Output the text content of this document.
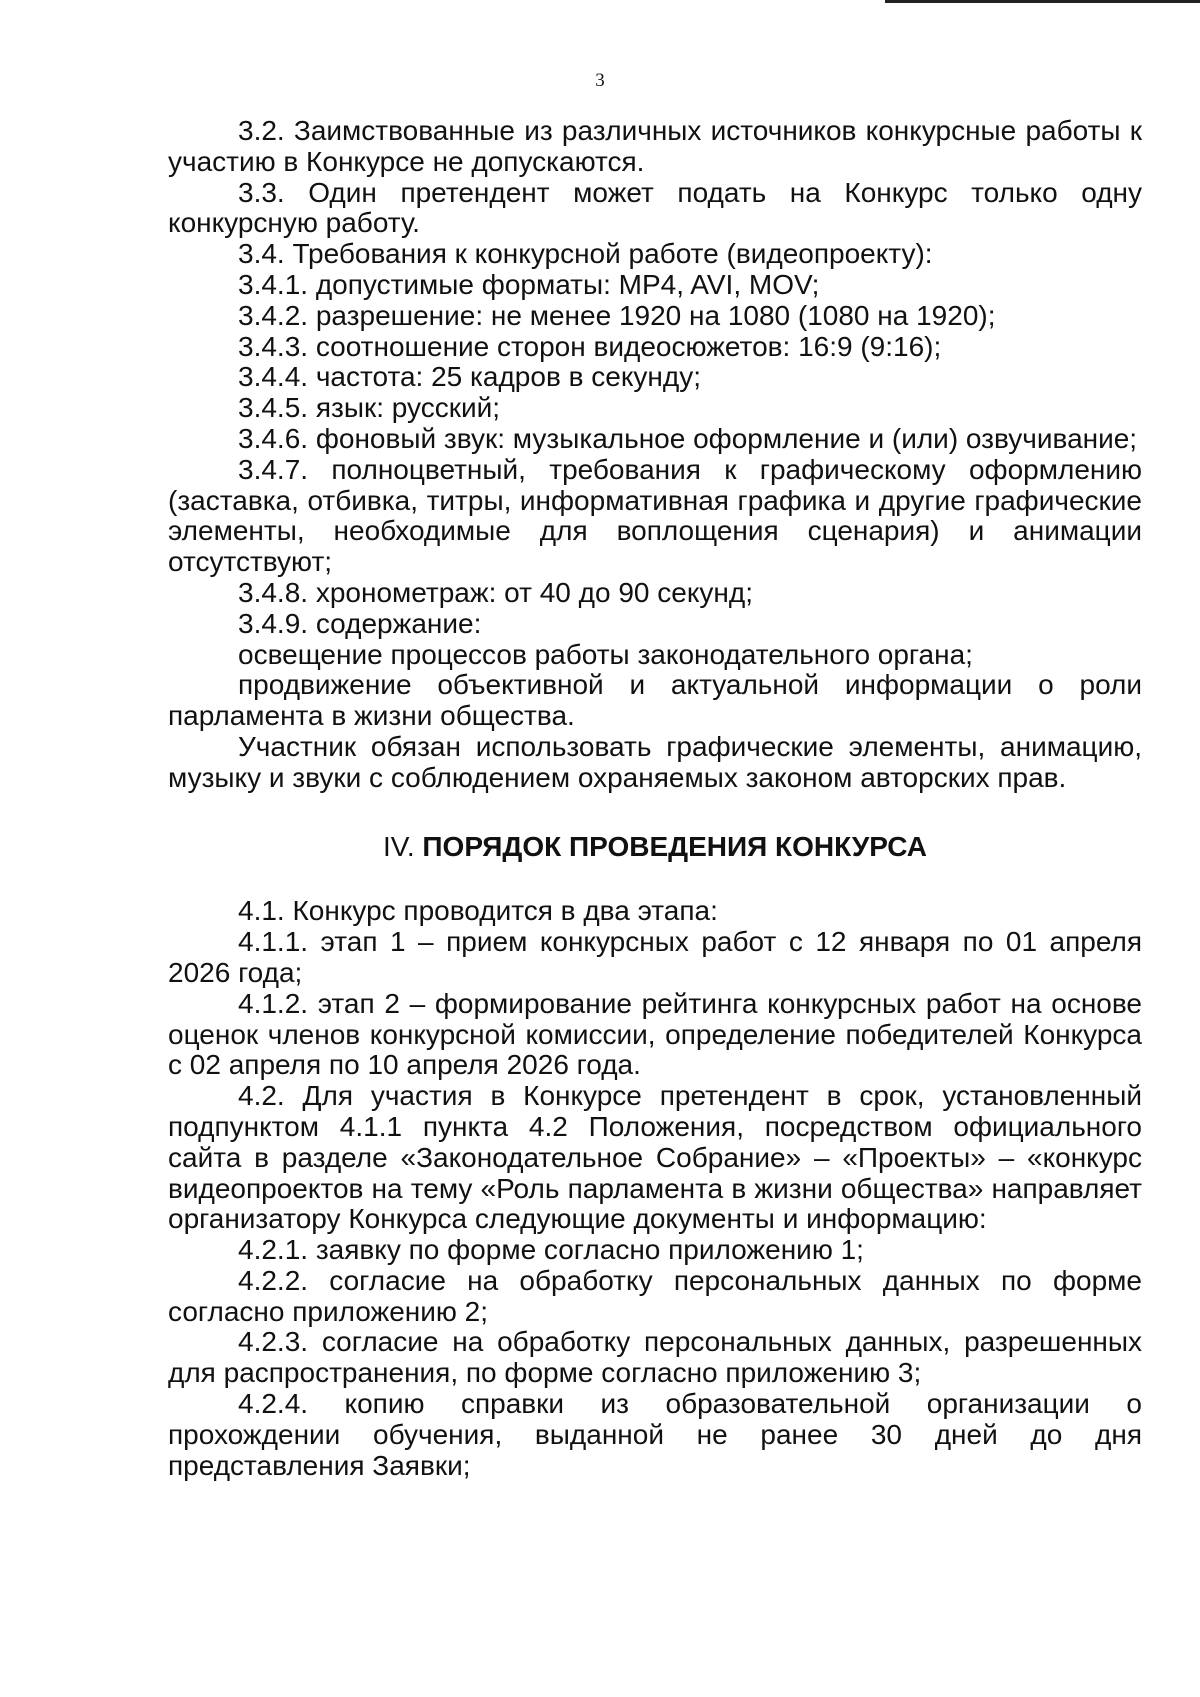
3

3.2. Заимствованные из различных источников конкурсные работы к участию в Конкурсе не допускаются.

3.3. Один претендент может подать на Конкурс только одну конкурсную работу.

3.4. Требования к конкурсной работе (видеопроекту):

3.4.1. допустимые форматы: MP4, AVI, MOV;

3.4.2. разрешение: не менее 1920 на 1080 (1080 на 1920);

3.4.3. соотношение сторон видеосюжетов: 16:9 (9:16);

3.4.4. частота: 25 кадров в секунду;

3.4.5. язык: русский;

3.4.6. фоновый звук: музыкальное оформление и (или) озвучивание;

3.4.7. полноцветный, требования к графическому оформлению (заставка, отбивка, титры, информативная графика и другие графические элементы, необходимые для воплощения сценария) и анимации отсутствуют;

3.4.8. хронометраж: от 40 до 90 секунд;

3.4.9. содержание:

освещение процессов работы законодательного органа;

продвижение объективной и актуальной информации о роли парламента в жизни общества.

Участник обязан использовать графические элементы, анимацию, музыку и звуки с соблюдением охраняемых законом авторских прав.

IV. ПОРЯДОК ПРОВЕДЕНИЯ КОНКУРСА

4.1. Конкурс проводится в два этапа:

4.1.1. этап 1 – прием конкурсных работ с 12 января по 01 апреля 2026 года;

4.1.2. этап 2 – формирование рейтинга конкурсных работ на основе оценок членов конкурсной комиссии, определение победителей Конкурса с 02 апреля по 10 апреля 2026 года.

4.2. Для участия в Конкурсе претендент в срок, установленный подпунктом 4.1.1 пункта 4.2 Положения, посредством официального сайта в разделе «Законодательное Собрание» – «Проекты» – «конкурс видеопроектов на тему «Роль парламента в жизни общества» направляет организатору Конкурса следующие документы и информацию:

4.2.1. заявку по форме согласно приложению 1;

4.2.2. согласие на обработку персональных данных по форме согласно приложению 2;

4.2.3. согласие на обработку персональных данных, разрешенных для распространения, по форме согласно приложению 3;

4.2.4. копию справки из образовательной организации о прохождении обучения, выданной не ранее 30 дней до дня представления Заявки;
